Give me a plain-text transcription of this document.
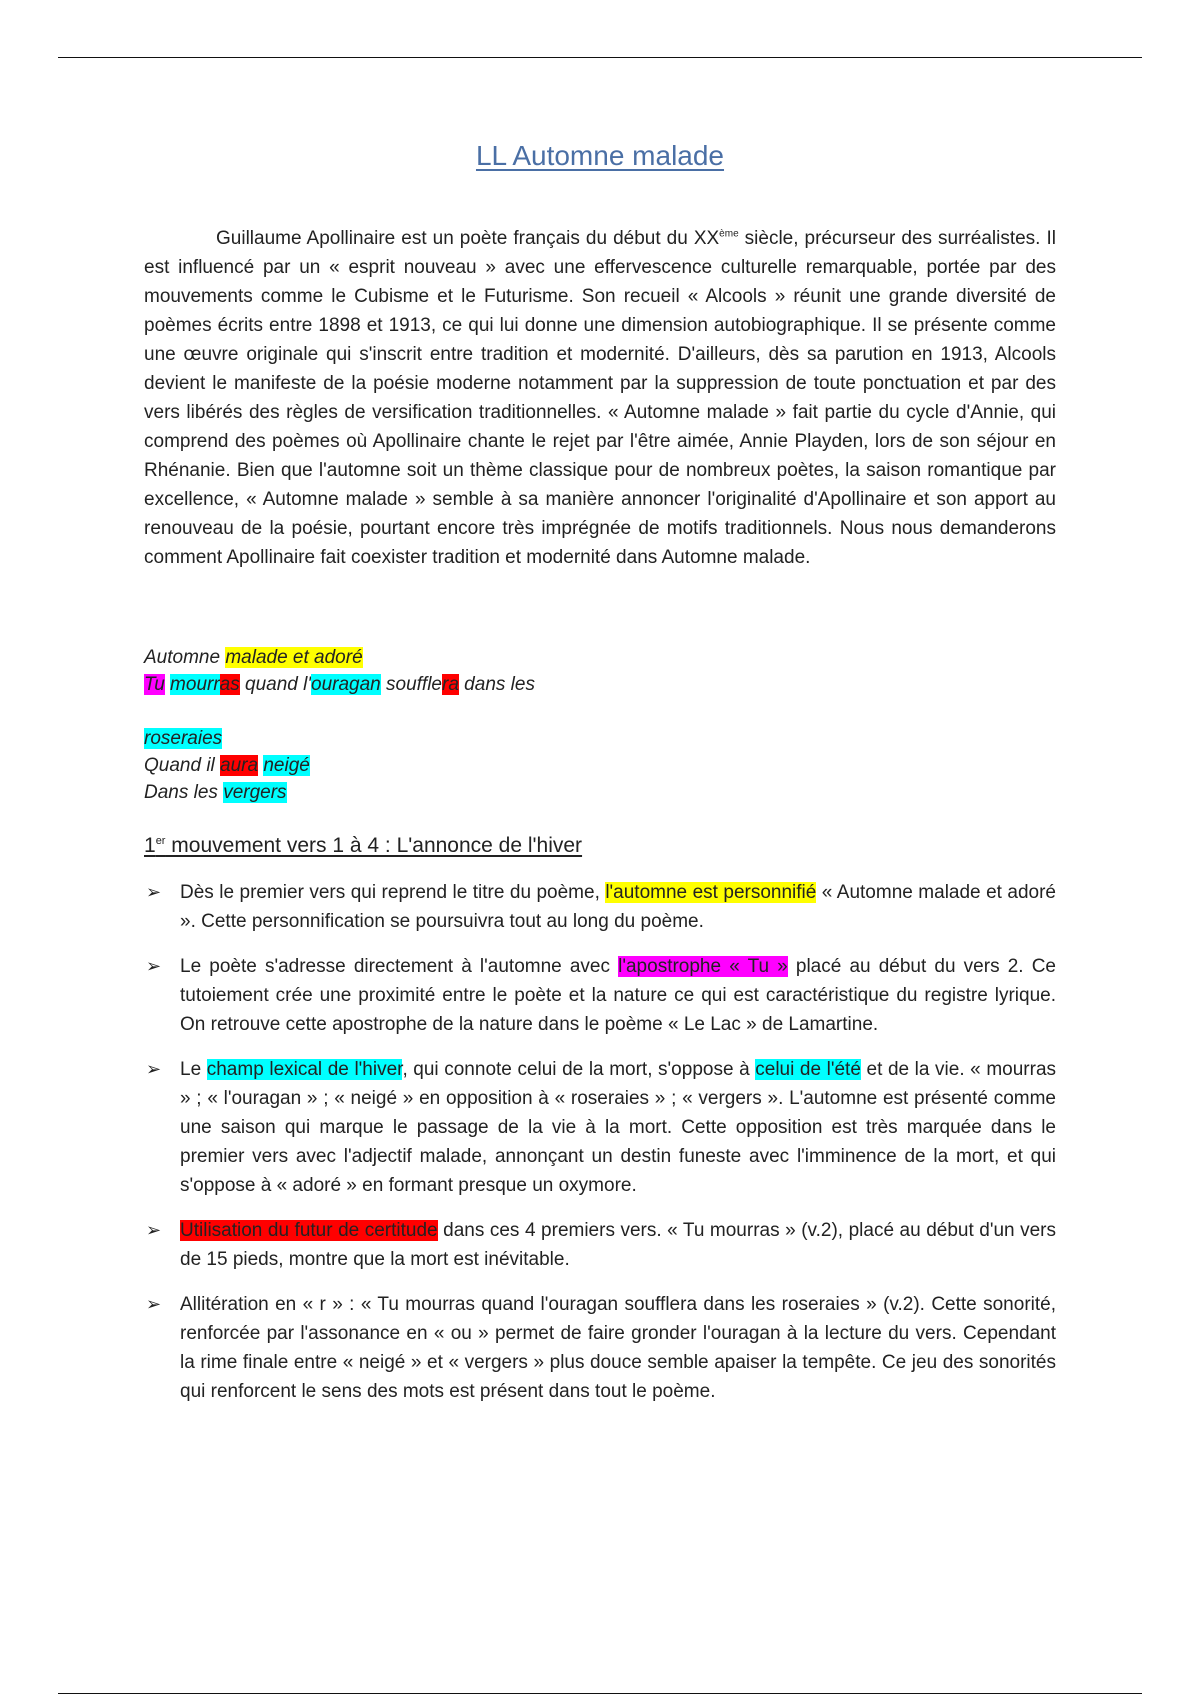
LL Automne malade

Guillaume Apollinaire est un poète français du début du XXème siècle, précurseur des surréalistes. Il est influencé par un « esprit nouveau » avec une effervescence culturelle remarquable, portée par des mouvements comme le Cubisme et le Futurisme. Son recueil « Alcools » réunit une grande diversité de poèmes écrits entre 1898 et 1913, ce qui lui donne une dimension autobiographique. Il se présente comme une œuvre originale qui s'inscrit entre tradition et modernité. D'ailleurs, dès sa parution en 1913, Alcools devient le manifeste de la poésie moderne notamment par la suppression de toute ponctuation et par des vers libérés des règles de versification traditionnelles. « Automne malade » fait partie du cycle d'Annie, qui comprend des poèmes où Apollinaire chante le rejet par l'être aimée, Annie Playden, lors de son séjour en Rhénanie. Bien que l'automne soit un thème classique pour de nombreux poètes, la saison romantique par excellence, « Automne malade » semble à sa manière annoncer l'originalité d'Apollinaire et son apport au renouveau de la poésie, pourtant encore très imprégnée de motifs traditionnels. Nous nous demanderons comment Apollinaire fait coexister tradition et modernité dans Automne malade.

Automne malade et adoré

Tu mourras quand l'ouragan soufflera dans les

roseraies

Quand il aura neigé

Dans les vergers

1er mouvement vers 1 à 4 : L'annonce de l'hiver
➢ Dès le premier vers qui reprend le titre du poème, l'automne est personnifié « Automne malade et adoré ». Cette personnification se poursuivra tout au long du poème.
➢ Le poète s'adresse directement à l'automne avec l'apostrophe « Tu » placé au début du vers 2. Ce tutoiement crée une proximité entre le poète et la nature ce qui est caractéristique du registre lyrique. On retrouve cette apostrophe de la nature dans le poème « Le Lac » de Lamartine.
➢ Le champ lexical de l'hiver, qui connote celui de la mort, s'oppose à celui de l'été et de la vie. « mourras » ; « l'ouragan » ; « neigé » en opposition à « roseraies » ; « vergers ». L'automne est présenté comme une saison qui marque le passage de la vie à la mort. Cette opposition est très marquée dans le premier vers avec l'adjectif malade, annonçant un destin funeste avec l'imminence de la mort, et qui s'oppose à « adoré » en formant presque un oxymore.
➢ Utilisation du futur de certitude dans ces 4 premiers vers. « Tu mourras » (v.2), placé au début d'un vers de 15 pieds, montre que la mort est inévitable.
➢ Allitération en « r » : « Tu mourras quand l'ouragan soufflera dans les roseraies » (v.2). Cette sonorité, renforcée par l'assonance en « ou » permet de faire gronder l'ouragan à la lecture du vers. Cependant la rime finale entre « neigé » et « vergers » plus douce semble apaiser la tempête. Ce jeu des sonorités qui renforcent le sens des mots est présent dans tout le poème.
